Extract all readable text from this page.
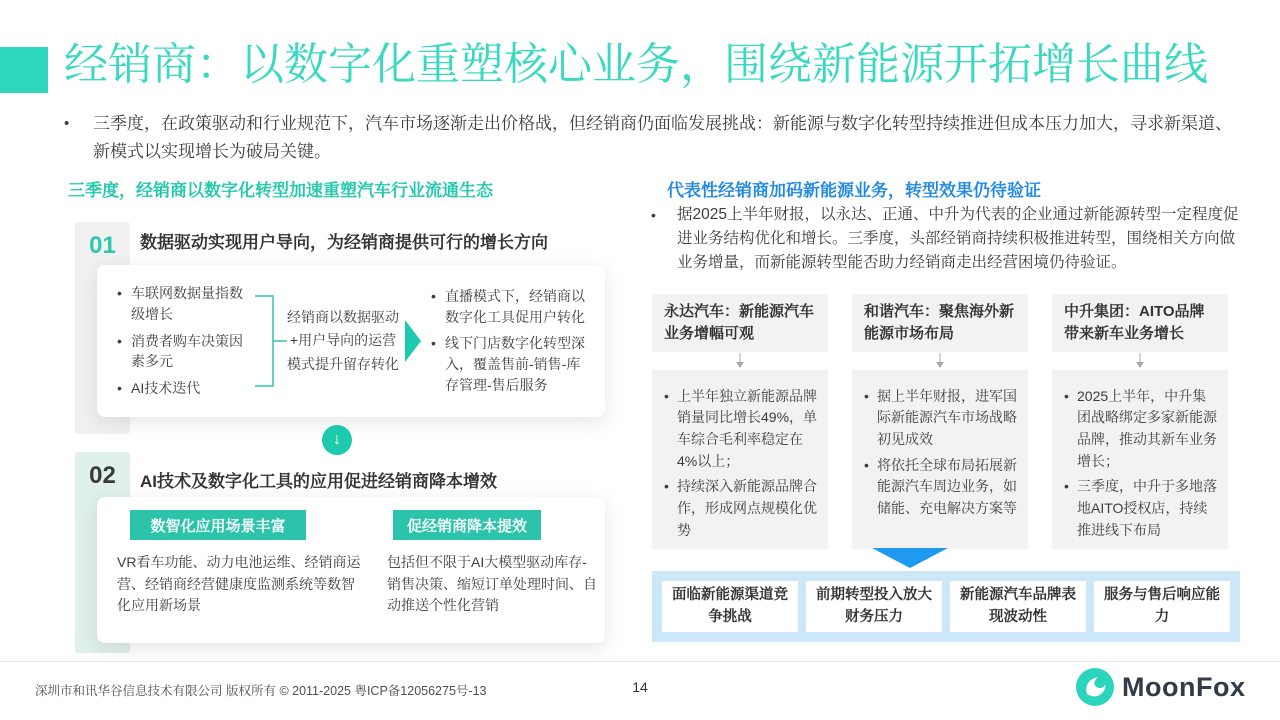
经销商：以数字化重塑核心业务，围绕新能源开拓增长曲线
•	三季度，在政策驱动和行业规范下，汽车市场逐渐走出价格战，但经销商仍面临发展挑战：新能源与数字化转型持续推进但成本压力加大，寻求新渠道、新模式以实现增长为破局关键。

三季度，经销商以数字化转型加速重塑汽车行业流通生态
01	数据驱动实现用户导向，为经销商提供可行的增长方向
• 车联网数据量指数级增长
• 消费者购车决策因素多元
• AI技术迭代
经销商以数据驱动+用户导向的运营模式提升留存转化
• 直播模式下，经销商以数字化工具促用户转化
• 线下门店数字化转型深入，覆盖售前-销售-库存管理-售后服务
↓
02	AI技术及数字化工具的应用促进经销商降本增效
数智化应用场景丰富	促经销商降本提效
VR看车功能、动力电池运维、经销商运营、经销商经营健康度监测系统等数智化应用新场景
包括但不限于AI大模型驱动库存-销售决策、缩短订单处理时间、自动推送个性化营销
代表性经销商加码新能源业务，转型效果仍待验证
•	据2025上半年财报，以永达、正通、中升为代表的企业通过新能源转型一定程度促进业务结构优化和增长。三季度，头部经销商持续积极推进转型，围绕相关方向做业务增量，而新能源转型能否助力经销商走出经营困境仍待验证。

永达汽车：新能源汽车业务增幅可观
• 上半年独立新能源品牌销量同比增长49%，单车综合毛利率稳定在4%以上；
• 持续深入新能源品牌合作，形成网点规模化优势
和谐汽车：聚焦海外新能源市场布局
• 据上半年财报，进军国际新能源汽车市场战略初见成效
• 将依托全球布局拓展新能源汽车周边业务，如储能、充电解决方案等
中升集团：AITO品牌带来新车业务增长
• 2025上半年，中升集团战略绑定多家新能源品牌，推动其新车业务增长；
• 三季度，中升于多地落地AITO授权店，持续推进线下布局
面临新能源渠道竞争挑战
前期转型投入放大财务压力
新能源汽车品牌表现波动性
服务与售后响应能力
深圳市和讯华谷信息技术有限公司 版权所有 © 2011-2025 粤ICP备12056275号-13	14	MoonFox
